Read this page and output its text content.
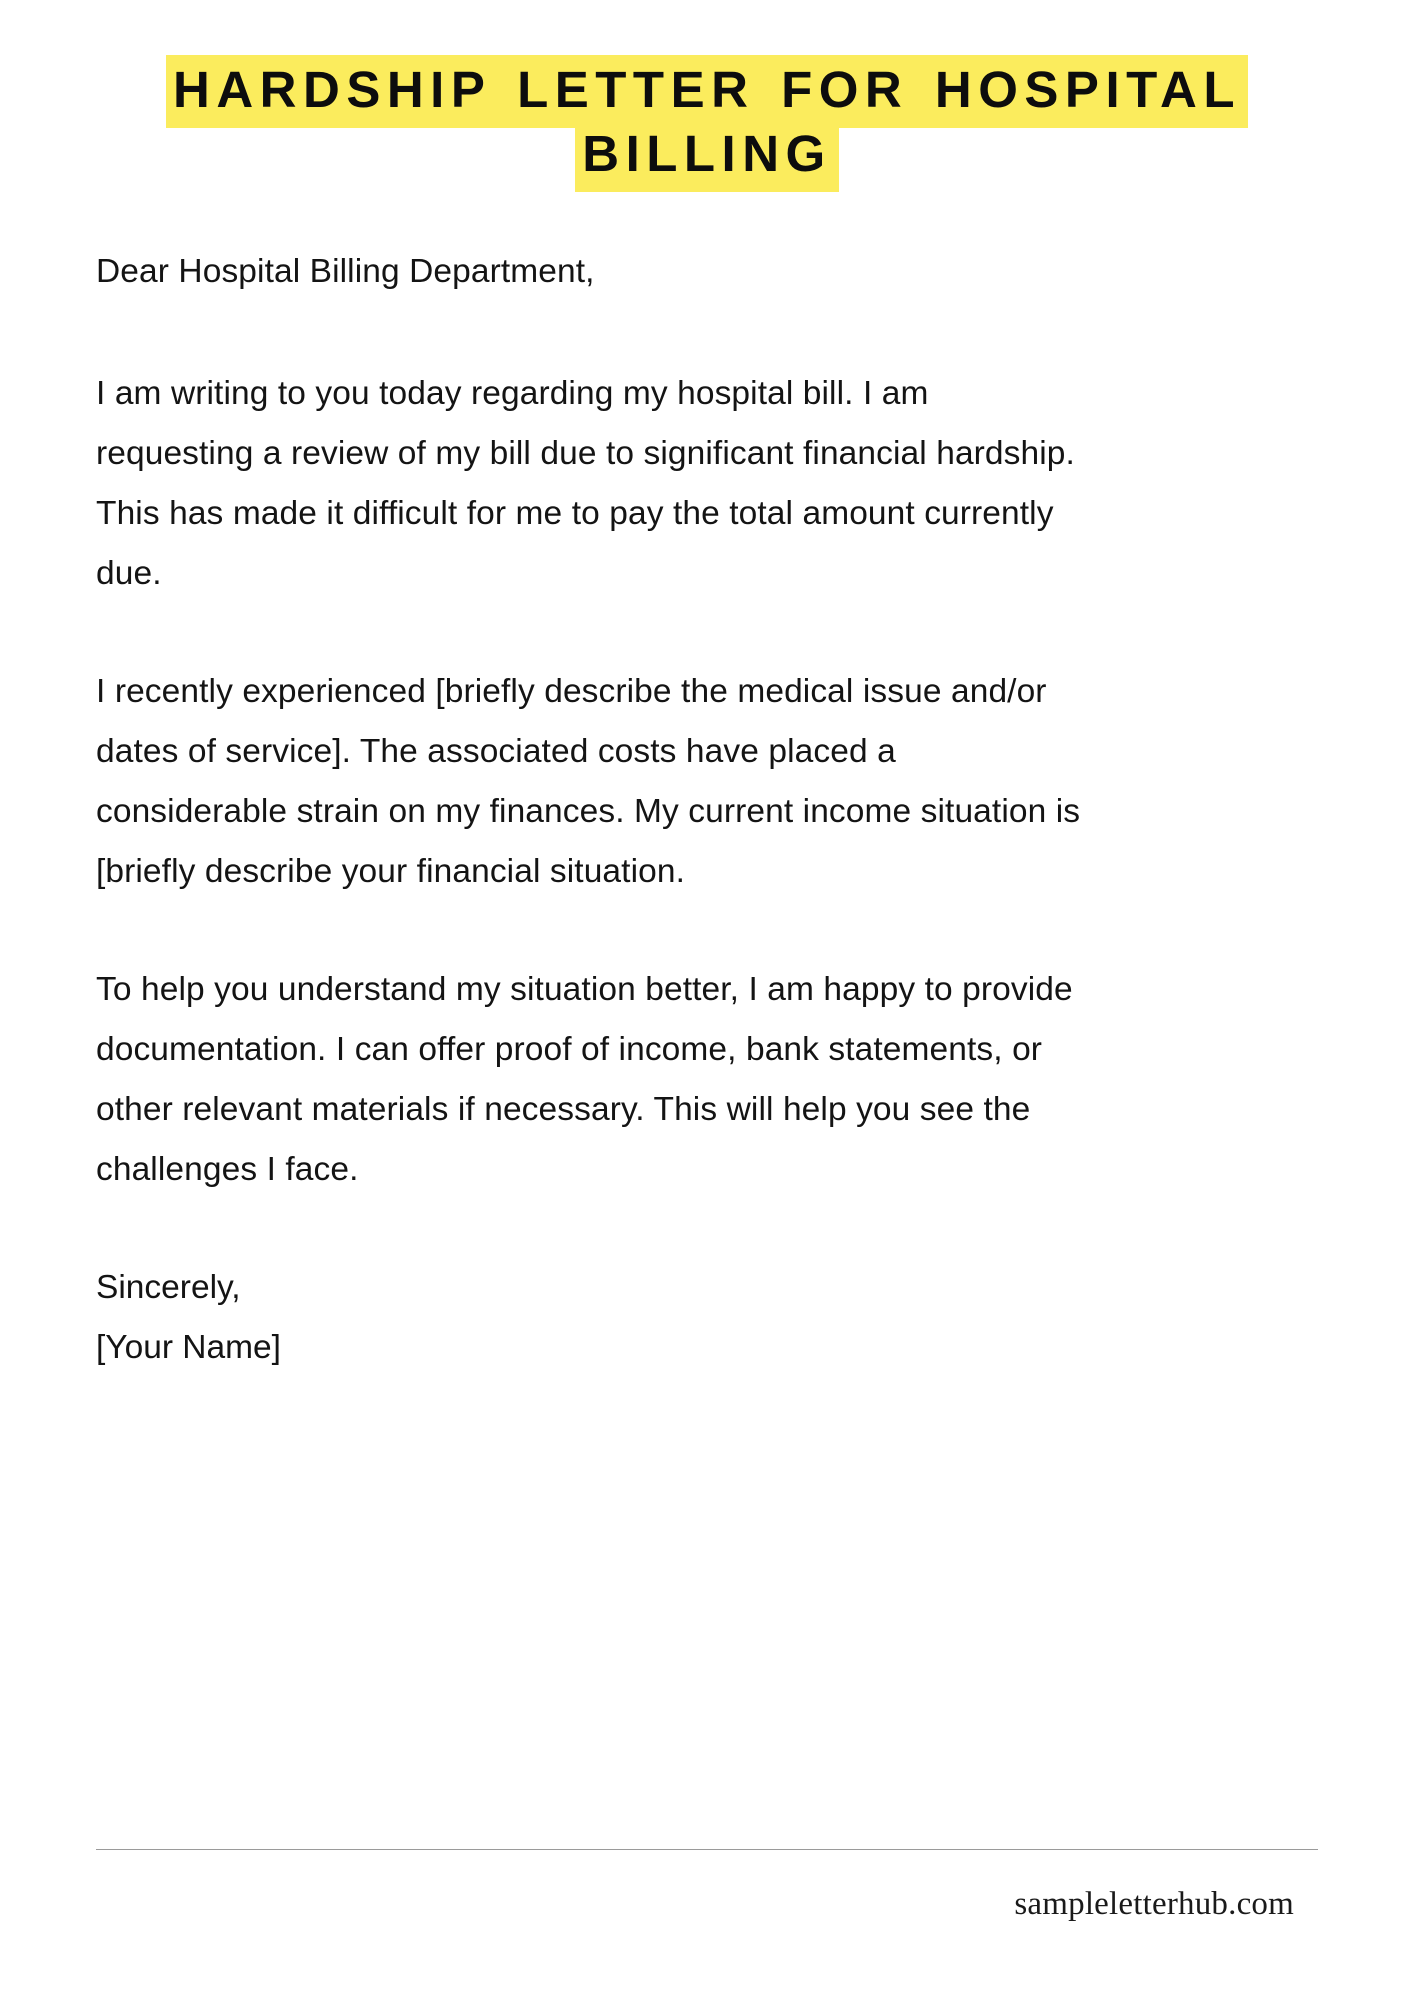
HARDSHIP LETTER FOR HOSPITAL BILLING

Dear Hospital Billing Department,

I am writing to you today regarding my hospital bill. I am requesting a review of my bill due to significant financial hardship. This has made it difficult for me to pay the total amount currently due.

I recently experienced [briefly describe the medical issue and/or dates of service]. The associated costs have placed a considerable strain on my finances. My current income situation is [briefly describe your financial situation.

To help you understand my situation better, I am happy to provide documentation. I can offer proof of income, bank statements, or other relevant materials if necessary. This will help you see the challenges I face.

Sincerely,
[Your Name]
sampleletterhub.com
